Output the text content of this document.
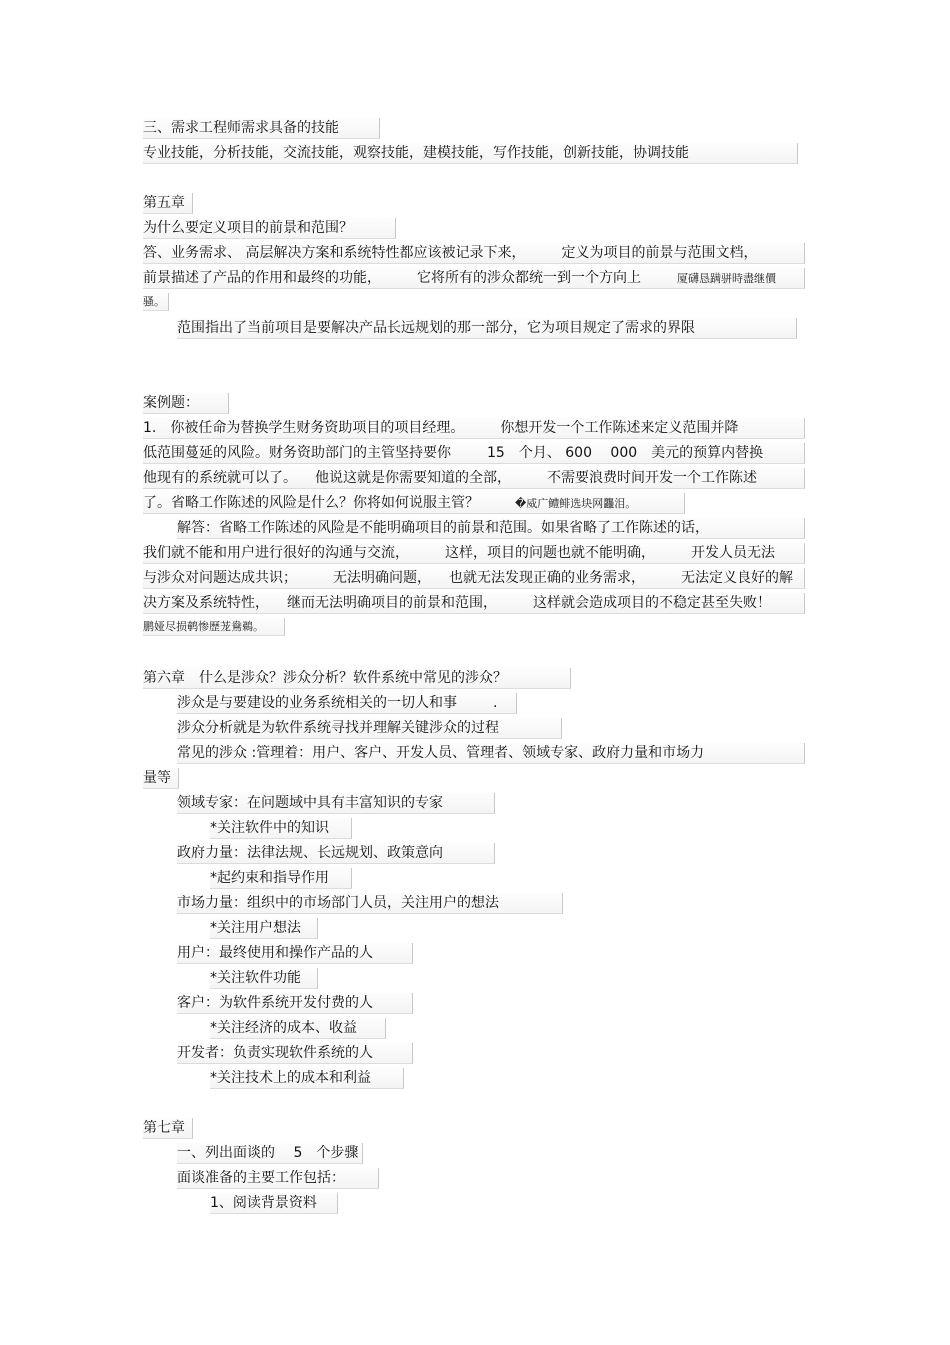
三、需求工程师需求具备的技能
专业技能，分析技能，交流技能，观察技能，建模技能，写作技能，创新技能，协调技能
第五章
为什么要定义项目的前景和范围？
答、业务需求、 高层解决方案和系统特性都应该被记录下来，	定义为项目的前景与范围文档，
前景描述了产品的作用和最终的功能，	它将所有的涉众都统一到一个方向上	厦礴恳蹒骈時盡继價
骚。
范围指出了当前项目是要解决产品长远规划的那一部分，它为项目规定了需求的界限
案例题：
1.　你被任命为替换学生财务资助项目的项目经理。	你想开发一个工作陈述来定义范围并降
低范围蔓延的风险。财务资助部门的主管坚持要你	15　个月、 600　 000　美元的预算内替换
他现有的系统就可以了。 他说这就是你需要知道的全部，	不需要浪费时间开发一个工作陈述
了。省略工作陈述的风险是什么？你将如何说服主管？	�威广鳢鲱选块网龘泪。
解答：省略工作陈述的风险是不能明确项目的前景和范围。如果省略了工作陈述的话，
我们就不能和用户进行很好的沟通与交流，	这样，项目的问题也就不能明确，	开发人员无法
与涉众对问题达成共识；	无法明确问题， 也就无法发现正确的业务需求，	无法定义良好的解
决方案及系统特性， 继而无法明确项目的前景和范围，	这样就会造成项目的不稳定甚至失败！
鹏娅尽损鹌惨歷茏鴦鵜。
第六章　什么是涉众？涉众分析？软件系统中常见的涉众？
涉众是与要建设的业务系统相关的一切人和事	.
涉众分析就是为软件系统寻找并理解关键涉众的过程
常见的涉众 :管理着：用户、客户、开发人员、管理者、领域专家、政府力量和市场力
量等
领域专家：在问题域中具有丰富知识的专家
*关注软件中的知识
政府力量：法律法规、长远规划、政策意向
*起约束和指导作用
市场力量：组织中的市场部门人员，关注用户的想法
*关注用户想法
用户：最终使用和操作产品的人
*关注软件功能
客户：为软件系统开发付费的人
*关注经济的成本、收益
开发者：负责实现软件系统的人
*关注技术上的成本和利益
第七章
一、列出面谈的　 5　个步骤
面谈准备的主要工作包括：
1、阅读背景资料
